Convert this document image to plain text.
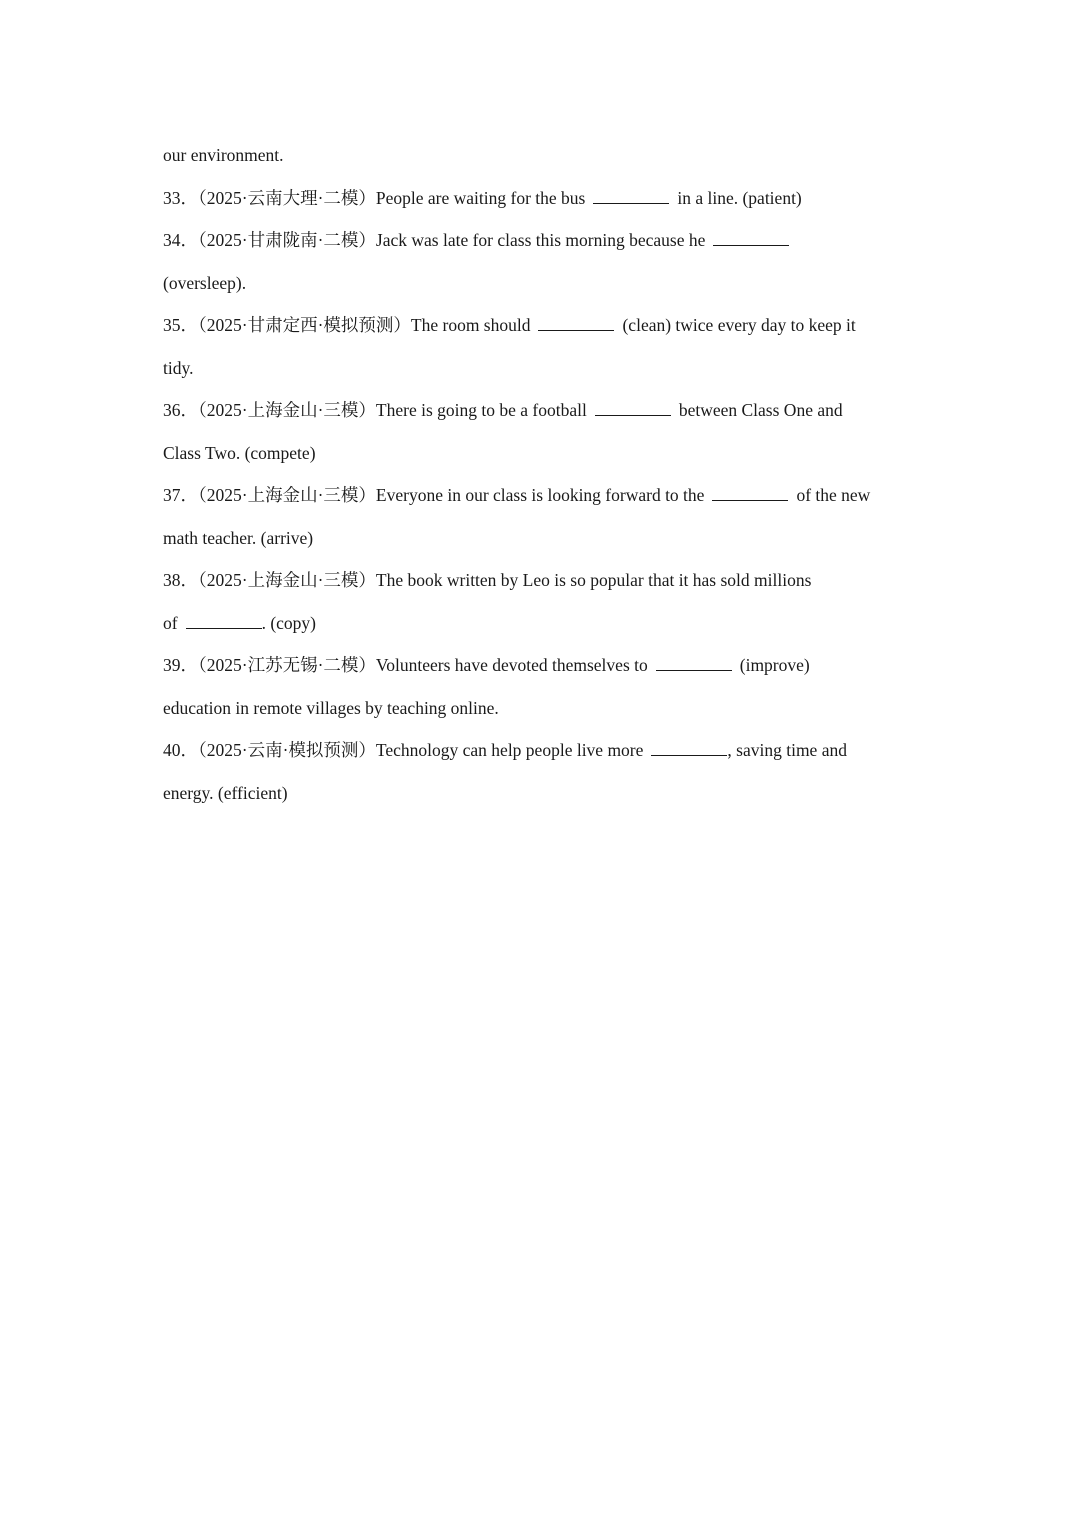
our environment.
33．（2025·云南大理·二模）People are waiting for the bus	in a line. (patient)
34．（2025·甘肃陇南·二模）Jack was late for class this morning because he
(oversleep).
35．（2025·甘肃定西·模拟预测）The room should	(clean) twice every day to keep it
tidy.
36．（2025·上海金山·三模）There is going to be a football	between Class One and
Class Two. (compete)
37．（2025·上海金山·三模）Everyone in our class is looking forward to the	of the new
math teacher. (arrive)
38．（2025·上海金山·三模）The book written by Leo is so popular that it has sold millions
of	. (copy)
39．（2025·江苏无锡·二模）Volunteers have devoted themselves to	(improve)
education in remote villages by teaching online.
40．（2025·云南·模拟预测）Technology can help people live more	, saving time and
energy. (efficient)
